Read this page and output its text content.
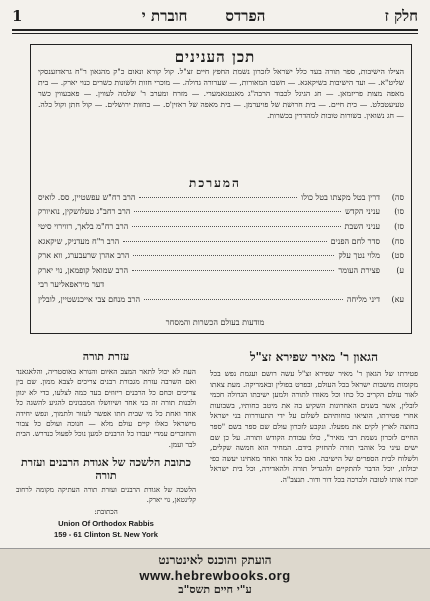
חלק ז
הפרדס
חוברת י
1
תכן הענינים
הצילו הישיבות, ספר תורה בעד כלל ישראל לזכרון נשמת החפץ חיים זצ"ל. קול קורא ונאום כ"ק מהגאון ר"ח גראדזענסקי שליט"א. — ועד הישיבות בשיקאגא. — חשבו המאורות, — שערורה גדולה. — מוכרי חזות ולשונות כשרים כנוי יארק. — בית מאפה מצות פריזמאן. — חג הגיגל לכבוד הרבה"ג מאנטגאמערי. — מזרח ומערב ר' שלמה לעווין. — פאבעווין כשר טעיעטבלט. — כית חיים. — בית חרושת של פויערמן. — בית מאפה של ראזין'ס. — בחזות ירושלים. — קול חתן וקול כלה. — חג נשואין. בשורות טובות למהדרין בכשרות.
המערכת
סה)
דרין בטל מקצתו בטל כולו
הרב רח"ש עפשטיין, סס. לואיס
סו)
עניני הקדש
הרב רחב"ג טעלושקין, נואיורק
סז)
עניני השבת
הרב רח"מ בלאך, רווירוי סיטי
סח)
סדר לחם הפנים
הרב ר"ח מעדניק, שיקאגא
סט)
מלוי נטך עלק
הרב אהרן שרעבערג, ווא ארק
ע)
פצירת העומר
הרב שמואל קופמאן, נוי יארק
דער מיראפאליער רבי
עא)
דיני מליחה
הרב מנחם צבי אייכנשטיין, לובלין
מודעות בעולם הכשרות והמסחר
עזרת תורה

העת לא יכול לתאר המצב האיום והנורא באוסטריה, והלאגאנד ואם השרבה עזרת מגבורת רבנים צריכים לצבא ממון. שם בין צריכים וכחם כל הרבנים ריזוזים בעד כמה לצלעו, כדי לא יגוון ולבנות תורה זה בני אחד ושיוושלו המכבונים להגיע להשגה כל אחד ואחת כל מי שבית חתו אפשר לעזור ולתמוך, ונפש יחידה מישראל כאלו קיים עולם מלא — חנוכה ועולם כל צבור והחוברים עמדי יעבדו כל הרבנים למען נוכל לפעול כנדרש. הבית לבר ועמן.

כתובת הלשכה של אגודת הרבנים ועזרת תורה

הלשכה של אגודת הרבנים ועזרת תורה העתיקה מקומה לרחוב קלינטאן, נוי יארק.

הכתובת:
Union Of Orthodox Rabbis
159 - 61 Clinton St. New York
הגאון ר' מאיר שפירא זצ"ל

פטירתו של הגאון ר' מאיר שפירא זצ"ל עשה רושם ועגמת נפש בכל מקומות מושבות ישראל בכל העולם, ובפרט בפולין ובאמריקה. מעת צאתו לאור עולם הקריב כל כחו וכל מאודו לתורה ולמען ישיבתו הגדולה חכמי לובלין, אשר בשנים האחרונות השקיע בה את מיטב כחותיו, בשבועות אחרי פטירתו, הוציאו כוחותיהם לשלום על ידי התעוררות בני ישראל בחוצה לארץ לקים את מפעלו. ונקבע לזכרון עולם שם ספר בשם "ספר החיים לזכרון נשמת רבי מאיר", כולו עבודת הקודש ותורה. על כן שם ישים עיני כל אוהבי תורה להחזיק בידם. המחיר הוא חמשה שקלים, ולשלוח לבית הספרים של הישיבה. ואם כל אחד ואחד מאחינו יעשה כפי יכולתו, יוכל הדבר להתקיים ולהגדיל תורה ולהאדירה, וכל בית ישראל יזכרו אותו לטובה ולברכה בכל דור ודור. תנצב"ה.

הועתק והוכנס לאינטרנט
www.hebrewbooks.org
ע"י חיים תשס"ב
